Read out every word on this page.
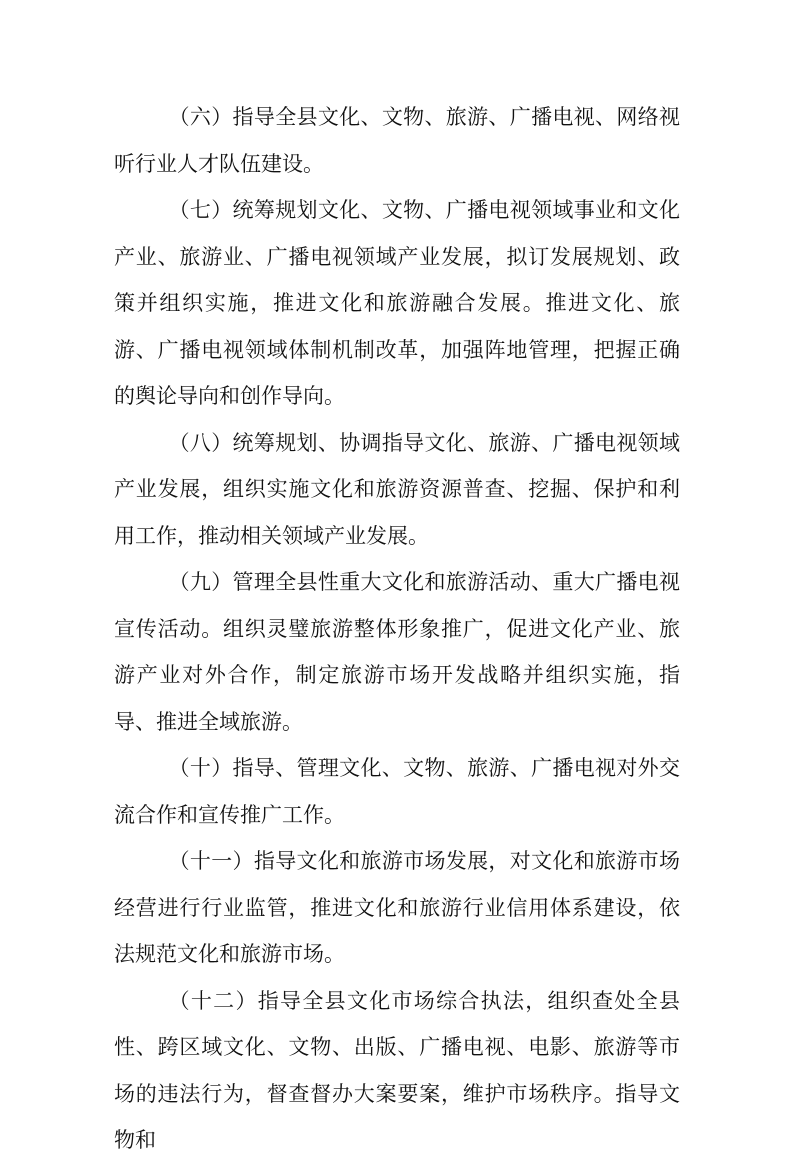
（六）指导全县文化、文物、旅游、广播电视、网络视听行业人才队伍建设。

（七）统筹规划文化、文物、广播电视领域事业和文化产业、旅游业、广播电视领域产业发展，拟订发展规划、政策并组织实施，推进文化和旅游融合发展。推进文化、旅游、广播电视领域体制机制改革，加强阵地管理，把握正确的舆论导向和创作导向。

（八）统筹规划、协调指导文化、旅游、广播电视领域产业发展，组织实施文化和旅游资源普查、挖掘、保护和利用工作，推动相关领域产业发展。

（九）管理全县性重大文化和旅游活动、重大广播电视宣传活动。组织灵璧旅游整体形象推广，促进文化产业、旅游产业对外合作，制定旅游市场开发战略并组织实施，指导、推进全域旅游。

（十）指导、管理文化、文物、旅游、广播电视对外交流合作和宣传推广工作。

（十一）指导文化和旅游市场发展，对文化和旅游市场经营进行行业监管，推进文化和旅游行业信用体系建设，依法规范文化和旅游市场。

（十二）指导全县文化市场综合执法，组织查处全县性、跨区域文化、文物、出版、广播电视、电影、旅游等市场的违法行为，督查督办大案要案，维护市场秩序。指导文物和
